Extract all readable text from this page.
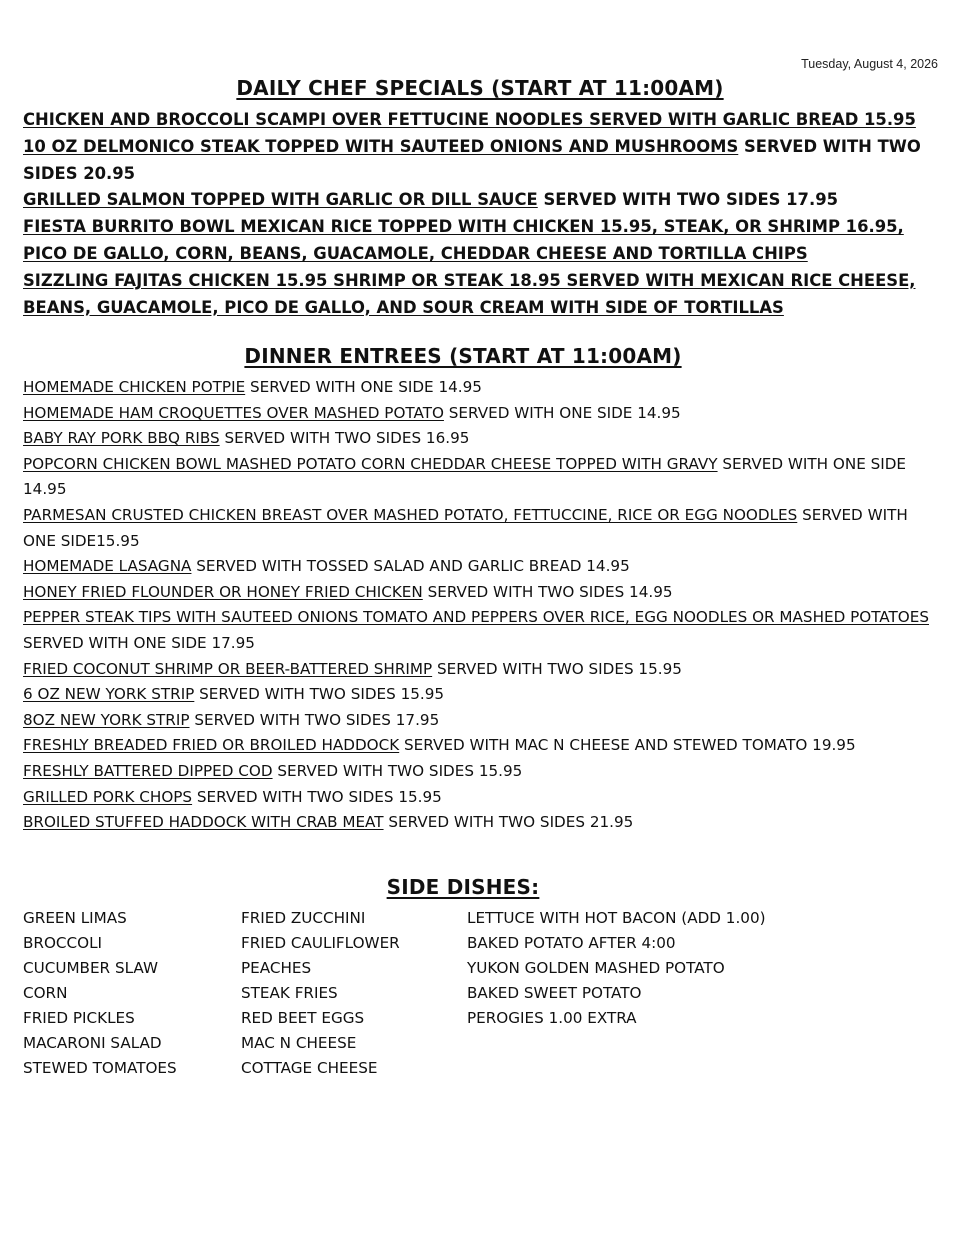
Tuesday, August 4, 2026
DAILY CHEF SPECIALS (START AT 11:00AM)
CHICKEN AND BROCCOLI SCAMPI OVER FETTUCINE NOODLES SERVED WITH GARLIC BREAD 15.95
10 OZ DELMONICO STEAK TOPPED WITH SAUTEED ONIONS AND MUSHROOMS SERVED WITH TWO SIDES 20.95
GRILLED SALMON TOPPED WITH GARLIC OR DILL SAUCE SERVED WITH TWO SIDES 17.95
FIESTA BURRITO BOWL MEXICAN RICE TOPPED WITH CHICKEN 15.95, STEAK, OR SHRIMP 16.95, PICO DE GALLO, CORN, BEANS, GUACAMOLE, CHEDDAR CHEESE AND TORTILLA CHIPS
SIZZLING FAJITAS CHICKEN 15.95 SHRIMP OR STEAK 18.95 SERVED WITH MEXICAN RICE CHEESE, BEANS, GUACAMOLE, PICO DE GALLO, AND SOUR CREAM WITH SIDE OF TORTILLAS
DINNER ENTREES (START AT 11:00AM)
HOMEMADE CHICKEN POTPIE SERVED WITH ONE SIDE 14.95
HOMEMADE HAM CROQUETTES OVER MASHED POTATO SERVED WITH ONE SIDE 14.95
BABY RAY PORK BBQ RIBS SERVED WITH TWO SIDES 16.95
POPCORN CHICKEN BOWL MASHED POTATO CORN CHEDDAR CHEESE TOPPED WITH GRAVY SERVED WITH ONE SIDE 14.95
PARMESAN CRUSTED CHICKEN BREAST OVER MASHED POTATO, FETTUCCINE, RICE OR EGG NOODLES SERVED WITH ONE SIDE15.95
HOMEMADE LASAGNA SERVED WITH TOSSED SALAD AND GARLIC BREAD 14.95
HONEY FRIED FLOUNDER OR HONEY FRIED CHICKEN SERVED WITH TWO SIDES 14.95
PEPPER STEAK TIPS WITH SAUTEED ONIONS TOMATO AND PEPPERS OVER RICE, EGG NOODLES OR MASHED POTATOES SERVED WITH ONE SIDE 17.95
FRIED COCONUT SHRIMP OR BEER-BATTERED SHRIMP SERVED WITH TWO SIDES 15.95
6 OZ NEW YORK STRIP SERVED WITH TWO SIDES 15.95
8OZ NEW YORK STRIP SERVED WITH TWO SIDES 17.95
FRESHLY BREADED FRIED OR BROILED HADDOCK SERVED WITH MAC N CHEESE AND STEWED TOMATO 19.95
FRESHLY BATTERED DIPPED COD SERVED WITH TWO SIDES 15.95
GRILLED PORK CHOPS SERVED WITH TWO SIDES 15.95
BROILED STUFFED HADDOCK WITH CRAB MEAT SERVED WITH TWO SIDES 21.95
SIDE DISHES:
GREEN LIMAS
BROCCOLI
CUCUMBER SLAW
CORN
FRIED PICKLES
MACARONI SALAD
STEWED TOMATOES
FRIED ZUCCHINI
FRIED CAULIFLOWER
PEACHES
STEAK FRIES
RED BEET EGGS
MAC N CHEESE
COTTAGE CHEESE
LETTUCE WITH HOT BACON (ADD 1.00)
BAKED POTATO AFTER 4:00
YUKON GOLDEN MASHED POTATO
BAKED SWEET POTATO
PEROGIES 1.00 EXTRA
